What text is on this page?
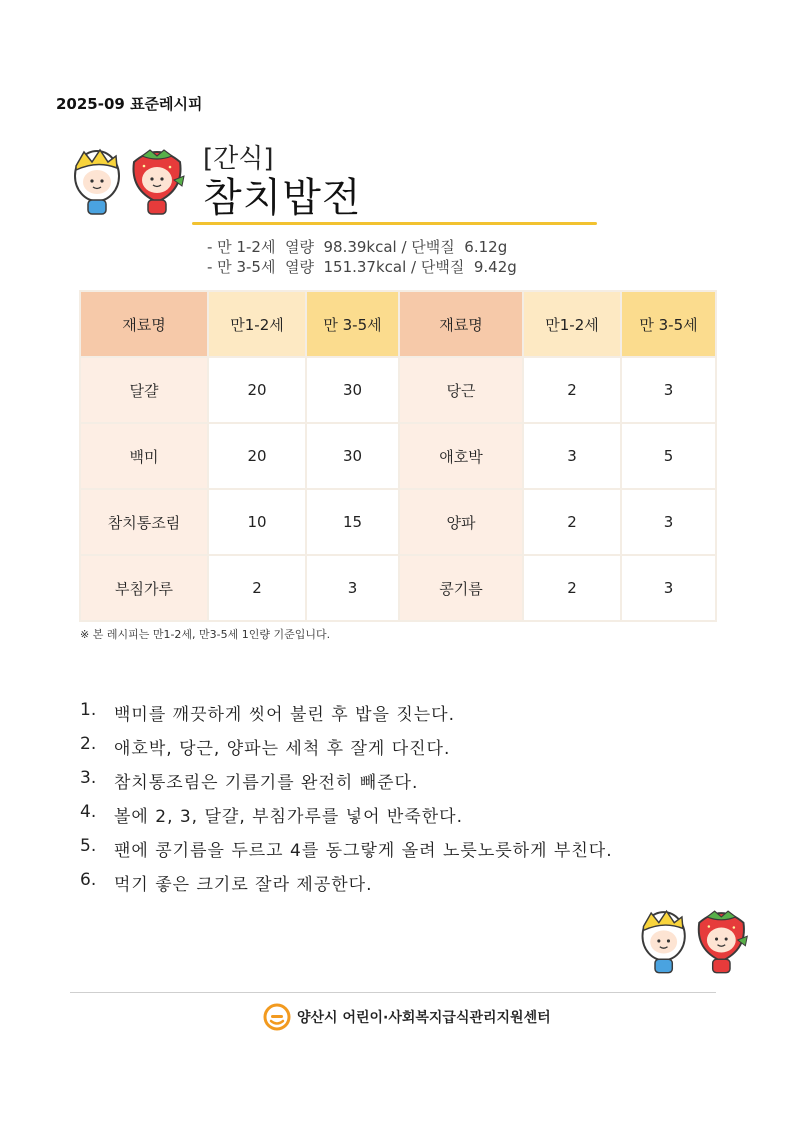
2025-09 표준레시피
[간식]
참치밥전
- 만 1-2세  열량  98.39kcal / 단백질  6.12g
- 만 3-5세  열량  151.37kcal / 단백질  9.42g
재료명	만1-2세	만 3-5세	재료명	만1-2세	만 3-5세
달걀	20	30	당근	2	3
백미	20	30	애호박	3	5
참치통조림	10	15	양파	2	3
부침가루	2	3	콩기름	2	3
※ 본 레시피는 만1-2세, 만3-5세 1인량 기준입니다.
1.	백미를 깨끗하게 씻어 불린 후 밥을 짓는다.
2.	애호박, 당근, 양파는 세척 후 잘게 다진다.
3.	참치통조림은 기름기를 완전히 빼준다.
4.	볼에 2, 3, 달걀, 부침가루를 넣어 반죽한다.
5.	팬에 콩기름을 두르고 4를 동그랗게 올려 노릇노릇하게 부친다.
6.	먹기 좋은 크기로 잘라 제공한다.
양산시 어린이·사회복지급식관리지원센터
